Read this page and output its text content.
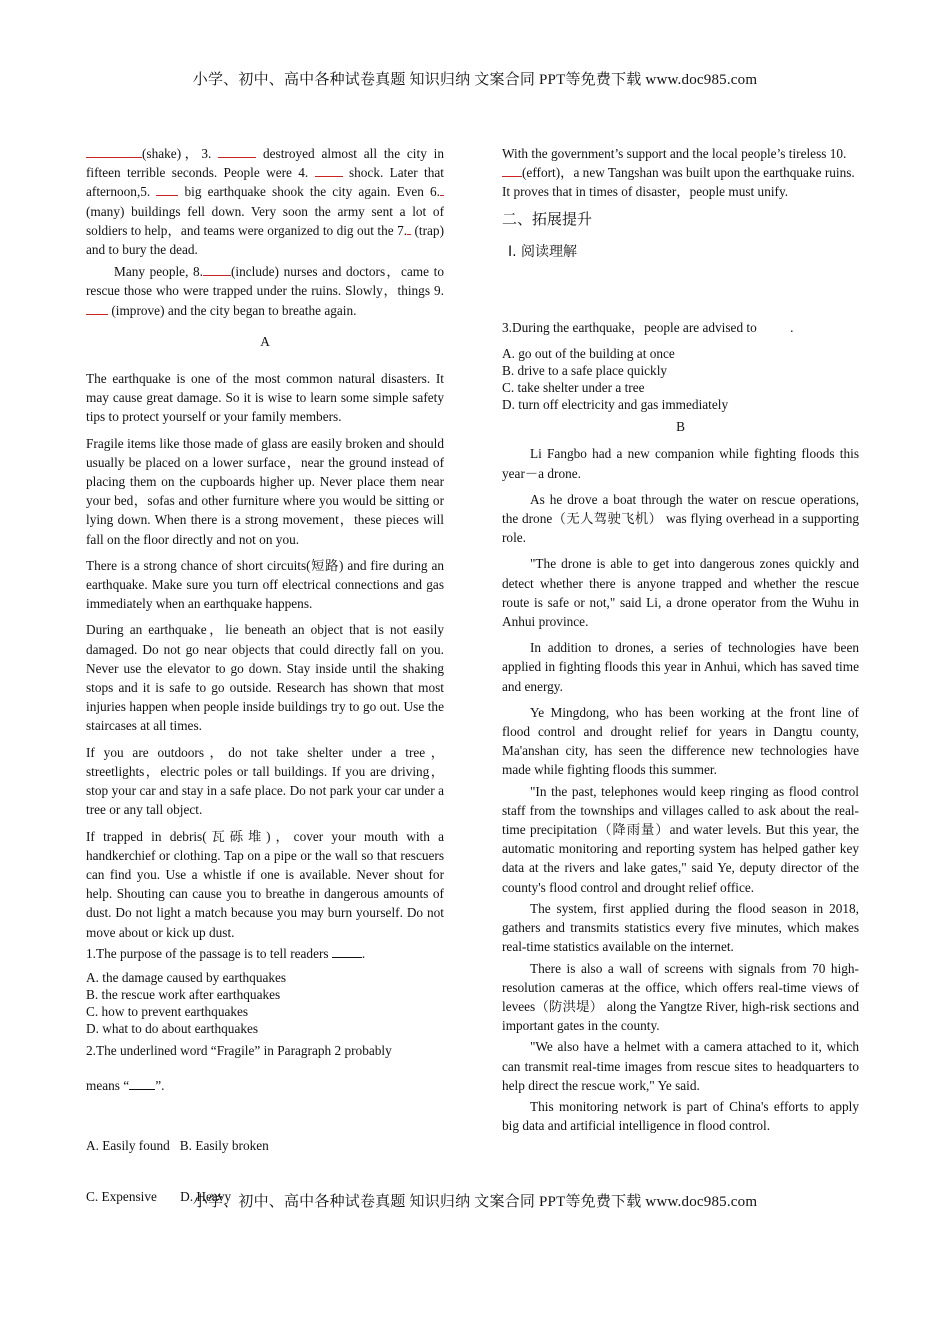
小学、初中、高中各种试卷真题 知识归纳 文案合同 PPT等免费下载 www.doc985.com

(shake)，3.	destroyed almost all the city in fifteen terrible seconds. People were 4.  shock. Later that afternoon,5.  big earthquake shook the city again. Even 6. (many) buildings fell down. Very soon the army sent a lot of soldiers to help，and teams were organized to dig out the 7. (trap) and to bury the dead.

Many people, 8. (include) nurses and doctors，came to rescue those who were trapped under the ruins. Slowly，things 9.  (improve) and the city began to breathe again.

A

The earthquake is one of the most common natural disasters. It may cause great damage. So it is wise to learn some simple safety tips to protect yourself or your family members.

Fragile items like those made of glass are easily broken and should usually be placed on a lower surface，near the ground instead of placing them on the cupboards higher up. Never place them near your bed，sofas and other furniture where you would be sitting or lying down. When there is a strong movement，these pieces will fall on the floor directly and not on you.

There is a strong chance of short circuits(短路) and fire during an earthquake. Make sure you turn off electrical connections and gas immediately when an earthquake happens.

During an earthquake，lie beneath an object that is not easily damaged. Do not go near objects that could directly fall on you. Never use the elevator to go down. Stay inside until the shaking stops and it is safe to go outside. Research has shown that most injuries happen when people inside buildings try to go out. Use the staircases at all times.

If you are outdoors，do not take shelter under a tree，streetlights，electric poles or tall buildings. If you are driving，stop your car and stay in a safe place. Do not park your car under a tree or any tall object.

If trapped in debris(瓦砾堆)，cover your mouth with a handkerchief or clothing. Tap on a pipe or the wall so that rescuers can find you. Use a whistle if one is available. Never shout for help. Shouting can cause you to breathe in dangerous amounts of dust. Do not light a match because you may burn yourself. Do not move about or kick up dust.

1.The purpose of the passage is to tell readers .

A. the damage caused by earthquakes
B. the rescue work after earthquakes
C. how to prevent earthquakes
D. what to do about earthquakes

2.The underlined word “Fragile” in Paragraph 2 probably

means “ ”.

A. Easily found   B. Easily broken

C. Expensive       D. Heavy

With the government’s support and the local people’s tireless 10.(effort)，a new Tangshan was built upon the earthquake ruins. It proves that in times of disaster，people must unify.

二、拓展提升
Ⅰ. 阅读理解

3.During the earthquake，people are advised to .

A. go out of the building at once
B. drive to a safe place quickly
C. take shelter under a tree
D. turn off electricity and gas immediately

B

Li Fangbo had a new companion while fighting floods this year－a drone.

As he drove a boat through the water on rescue operations, the drone（无人驾驶飞机） was flying overhead in a supporting role.

"The drone is able to get into dangerous zones quickly and detect whether there is anyone trapped and whether the rescue route is safe or not," said Li, a drone operator from the Wuhu in Anhui province.

In addition to drones, a series of technologies have been applied in fighting floods this year in Anhui, which has saved time and energy.

Ye Mingdong, who has been working at the front line of flood control and drought relief for years in Dangtu county, Ma'anshan city, has seen the difference new technologies have made while fighting floods this summer.

"In the past, telephones would keep ringing as flood control staff from the townships and villages called to ask about the real-time precipitation（降雨量）and water levels. But this year, the automatic monitoring and reporting system has helped gather key data at the rivers and lake gates," said Ye, deputy director of the county's flood control and drought relief office.

The system, first applied during the flood season in 2018, gathers and transmits statistics every five minutes, which makes real-time statistics available on the internet.

There is also a wall of screens with signals from 70 high-resolution cameras at the office, which offers real-time views of levees（防洪堤） along the Yangtze River, high-risk sections and important gates in the county.

"We also have a helmet with a camera attached to it, which can transmit real-time images from rescue sites to headquarters to help direct the rescue work," Ye said.

This monitoring network is part of China's efforts to apply big data and artificial intelligence in flood control.

小学、初中、高中各种试卷真题 知识归纳 文案合同 PPT等免费下载 www.doc985.com
